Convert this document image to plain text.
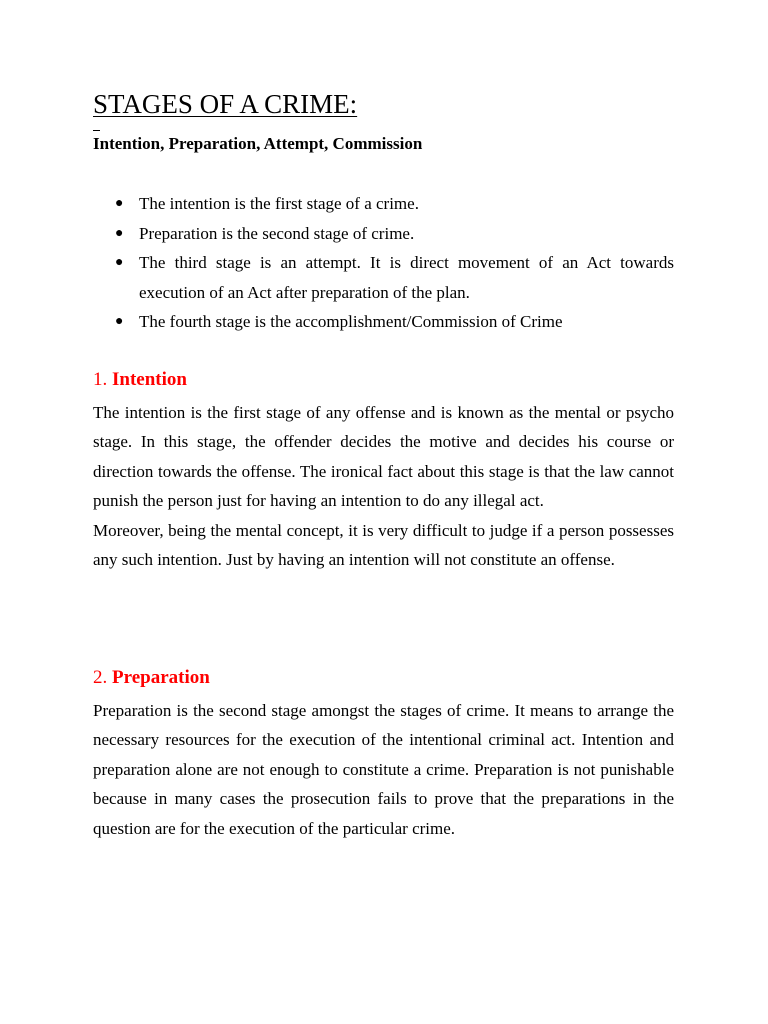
STAGES OF A CRIME:
Intention, Preparation, Attempt, Commission
● The intention is the first stage of a crime.
● Preparation is the second stage of crime.
● The third stage is an attempt. It is direct movement of an Act towards execution of an Act after preparation of the plan.
● The fourth stage is the accomplishment/Commission of Crime
1. Intention

The intention is the first stage of any offense and is known as the mental or psycho stage. In this stage, the offender decides the motive and decides his course or direction towards the offense. The ironical fact about this stage is that the law cannot punish the person just for having an intention to do any illegal act.

Moreover, being the mental concept, it is very difficult to judge if a person possesses any such intention. Just by having an intention will not constitute an offense.

2. Preparation

Preparation is the second stage amongst the stages of crime. It means to arrange the necessary resources for the execution of the intentional criminal act. Intention and preparation alone are not enough to constitute a crime. Preparation is not punishable because in many cases the prosecution fails to prove that the preparations in the question are for the execution of the particular crime.
